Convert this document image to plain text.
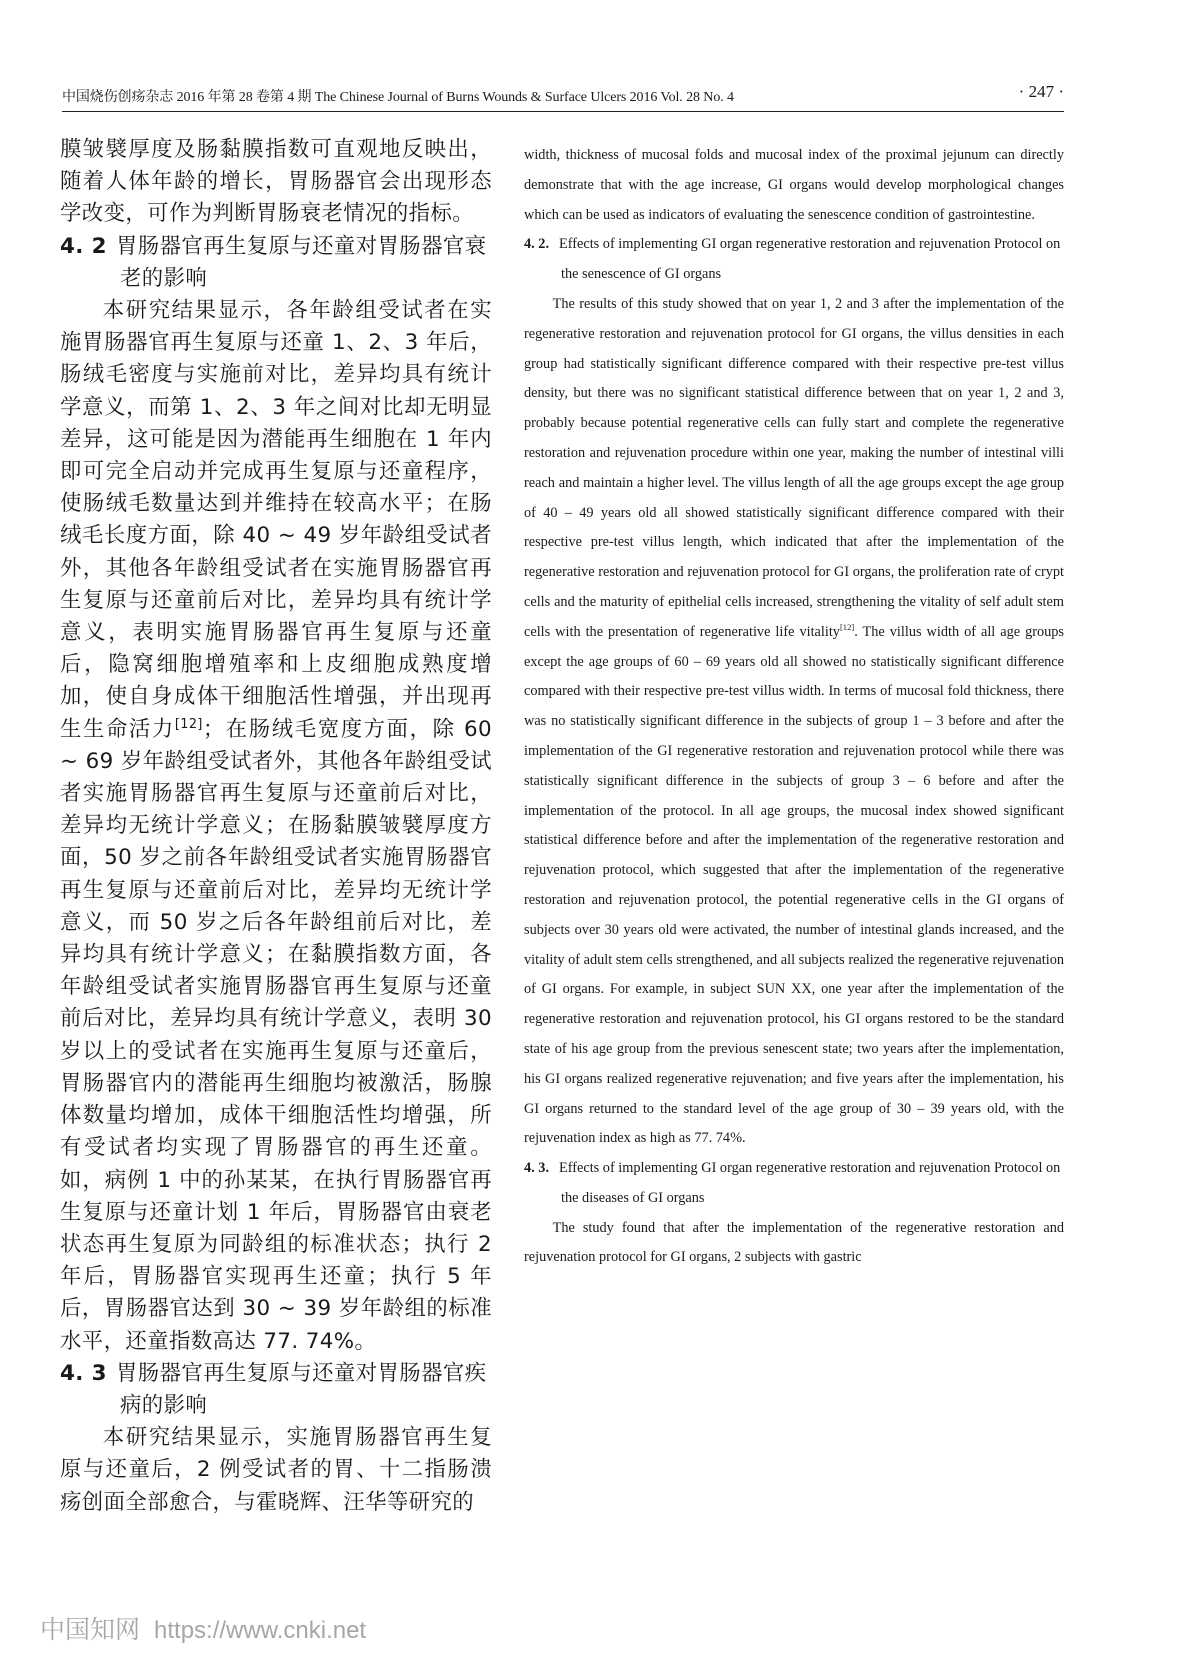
中国烧伤创疡杂志 2016 年第 28 卷第 4 期 The Chinese Journal of Burns Wounds & Surface Ulcers 2016 Vol. 28 No. 4	· 247 ·

膜皱襞厚度及肠黏膜指数可直观地反映出，随着人体年龄的增长，胃肠器官会出现形态学改变，可作为判断胃肠衰老情况的指标。

4. 2 胃肠器官再生复原与还童对胃肠器官衰老的影响

本研究结果显示，各年龄组受试者在实施胃肠器官再生复原与还童 1、2、3 年后，肠绒毛密度与实施前对比，差异均具有统计学意义，而第 1、2、3 年之间对比却无明显差异，这可能是因为潜能再生细胞在 1 年内即可完全启动并完成再生复原与还童程序，使肠绒毛数量达到并维持在较高水平；在肠绒毛长度方面，除 40 ~ 49 岁年龄组受试者外，其他各年龄组受试者在实施胃肠器官再生复原与还童前后对比，差异均具有统计学意义，表明实施胃肠器官再生复原与还童后，隐窝细胞增殖率和上皮细胞成熟度增加，使自身成体干细胞活性增强，并出现再生生命活力[12]；在肠绒毛宽度方面，除 60 ~ 69 岁年龄组受试者外，其他各年龄组受试者实施胃肠器官再生复原与还童前后对比，差异均无统计学意义；在肠黏膜皱襞厚度方面，50 岁之前各年龄组受试者实施胃肠器官再生复原与还童前后对比，差异均无统计学意义，而 50 岁之后各年龄组前后对比，差异均具有统计学意义；在黏膜指数方面，各年龄组受试者实施胃肠器官再生复原与还童前后对比，差异均具有统计学意义，表明 30 岁以上的受试者在实施再生复原与还童后，胃肠器官内的潜能再生细胞均被激活，肠腺体数量均增加，成体干细胞活性均增强，所有受试者均实现了胃肠器官的再生还童。如，病例 1 中的孙某某，在执行胃肠器官再生复原与还童计划 1 年后，胃肠器官由衰老状态再生复原为同龄组的标准状态；执行 2 年后，胃肠器官实现再生还童；执行 5 年后，胃肠器官达到 30 ~ 39 岁年龄组的标准水平，还童指数高达 77. 74%。

4. 3 胃肠器官再生复原与还童对胃肠器官疾病的影响

本研究结果显示，实施胃肠器官再生复原与还童后，2 例受试者的胃、十二指肠溃疡创面全部愈合，与霍晓辉、汪华等研究的

width, thickness of mucosal folds and mucosal index of the proximal jejunum can directly demonstrate that with the age increase, GI organs would develop morphological changes which can be used as indicators of evaluating the senescence condition of gastrointestine.

4. 2. Effects of implementing GI organ regenerative restoration and rejuvenation Protocol on the senescence of GI organs

The results of this study showed that on year 1, 2 and 3 after the implementation of the regenerative restoration and rejuvenation protocol for GI organs, the villus densities in each group had statistically significant difference compared with their respective pre-test villus density, but there was no significant statistical difference between that on year 1, 2 and 3, probably because potential regenerative cells can fully start and complete the regenerative restoration and rejuvenation procedure within one year, making the number of intestinal villi reach and maintain a higher level. The villus length of all the age groups except the age group of 40 – 49 years old all showed statistically significant difference compared with their respective pre-test villus length, which indicated that after the implementation of the regenerative restoration and rejuvenation protocol for GI organs, the proliferation rate of crypt cells and the maturity of epithelial cells increased, strengthening the vitality of self adult stem cells with the presentation of regenerative life vitality[12]. The villus width of all age groups except the age groups of 60 – 69 years old all showed no statistically significant difference compared with their respective pre-test villus width. In terms of mucosal fold thickness, there was no statistically significant difference in the subjects of group 1 – 3 before and after the implementation of the GI regenerative restoration and rejuvenation protocol while there was statistically significant difference in the subjects of group 3 – 6 before and after the implementation of the protocol. In all age groups, the mucosal index showed significant statistical difference before and after the implementation of the regenerative restoration and rejuvenation protocol, which suggested that after the implementation of the regenerative restoration and rejuvenation protocol, the potential regenerative cells in the GI organs of subjects over 30 years old were activated, the number of intestinal glands increased, and the vitality of adult stem cells strengthened, and all subjects realized the regenerative rejuvenation of GI organs. For example, in subject SUN XX, one year after the implementation of the regenerative restoration and rejuvenation protocol, his GI organs restored to be the standard state of his age group from the previous senescent state; two years after the implementation, his GI organs realized regenerative rejuvenation; and five years after the implementation, his GI organs returned to the standard level of the age group of 30 – 39 years old, with the rejuvenation index as high as 77. 74%.

4. 3. Effects of implementing GI organ regenerative restoration and rejuvenation Protocol on the diseases of GI organs

The study found that after the implementation of the regenerative restoration and rejuvenation protocol for GI organs, 2 subjects with gastric

中国知网 https://www.cnki.net
